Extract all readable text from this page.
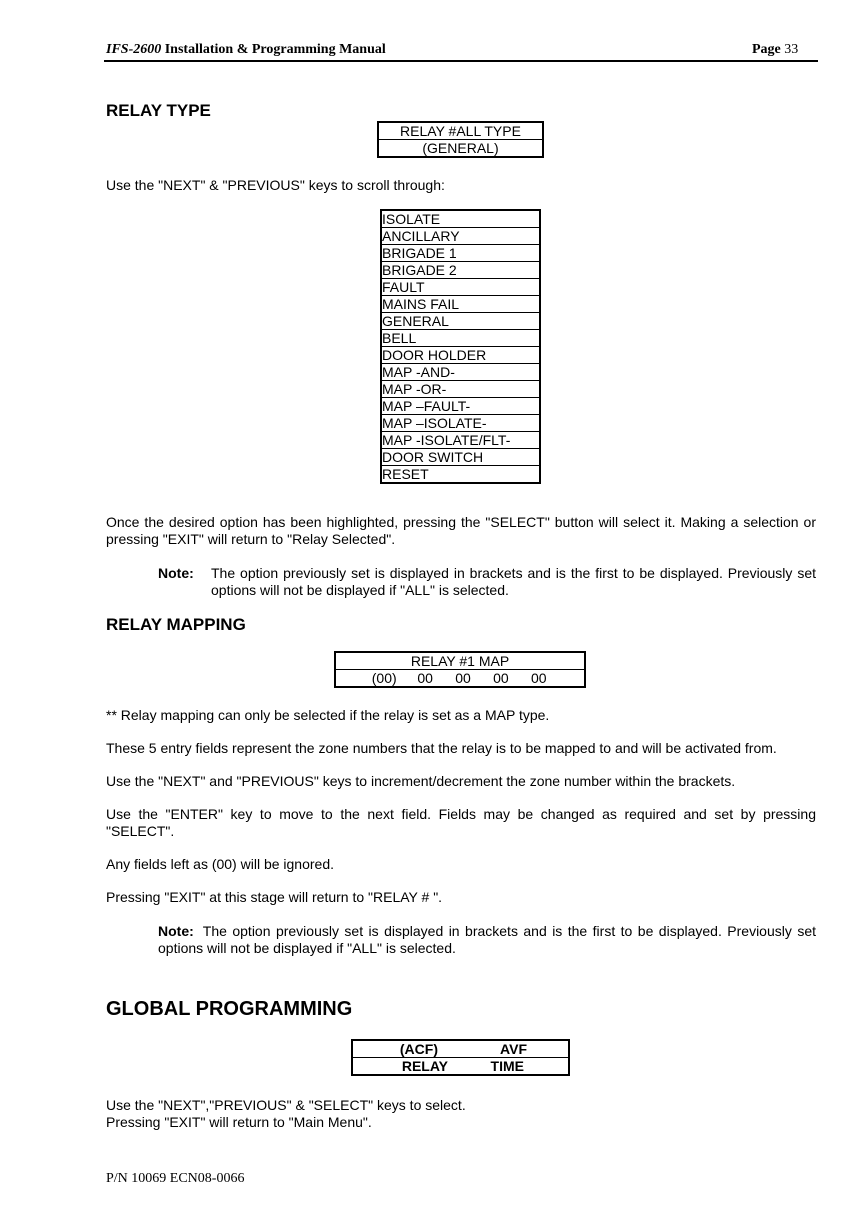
IFS-2600 Installation & Programming Manual	Page 33
RELAY TYPE
RELAY #ALL TYPE
(GENERAL)
Use the "NEXT" & "PREVIOUS" keys to scroll through:
ISOLATE
ANCILLARY
BRIGADE 1
BRIGADE 2
FAULT
MAINS FAIL
GENERAL
BELL
DOOR HOLDER
MAP -AND-
MAP -OR-
MAP –FAULT-
MAP –ISOLATE-
MAP -ISOLATE/FLT-
DOOR SWITCH
RESET
Once the desired option has been highlighted, pressing the "SELECT" button will select it. Making a selection or pressing "EXIT" will return to "Relay Selected".
Note: The option previously set is displayed in brackets and is the first to be displayed. Previously set options will not be displayed if "ALL" is selected.
RELAY MAPPING
RELAY #1 MAP
(00) 00 00 00 00
** Relay mapping can only be selected if the relay is set as a MAP type.
These 5 entry fields represent the zone numbers that the relay is to be mapped to and will be activated from.
Use the "NEXT" and "PREVIOUS" keys to increment/decrement the zone number within the brackets.
Use the "ENTER" key to move to the next field. Fields may be changed as required and set by pressing "SELECT".
Any fields left as (00) will be ignored.
Pressing "EXIT" at this stage will return to "RELAY # ".
Note: The option previously set is displayed in brackets and is the first to be displayed. Previously set options will not be displayed if "ALL" is selected.
GLOBAL PROGRAMMING
(ACF)	AVF
RELAY	TIME
Use the "NEXT","PREVIOUS" & "SELECT" keys to select.
Pressing "EXIT" will return to "Main Menu".
P/N 10069 ECN08-0066
